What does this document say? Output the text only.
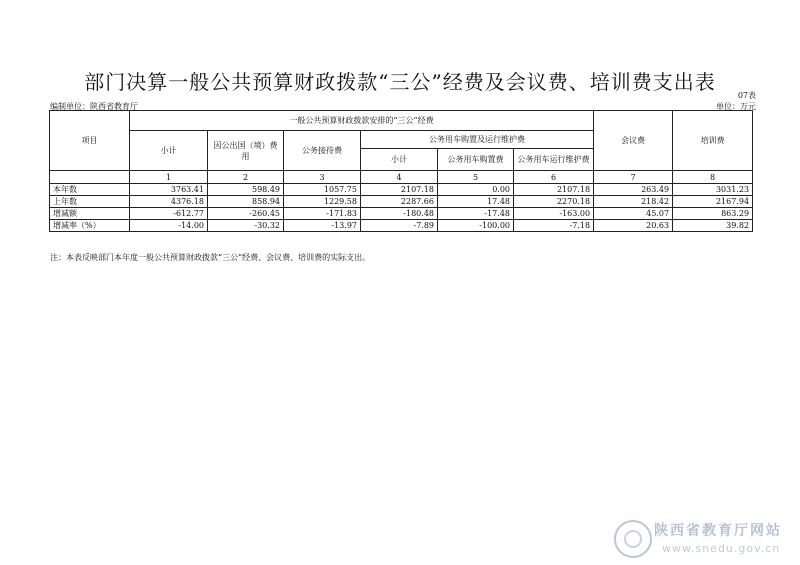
部门决算一般公共预算财政拨款“三公”经费及会议费、培训费支出表
07表
编制单位：陕西省教育厅	单位：万元
项目	一般公共预算财政拨款安排的“三公”经费						会议费	培训费
	小计	因公出国（境）费用	公务接待费	公务用车购置及运行维护费				
				小计	公务用车购置费	公务用车运行维护费		
	1	2	3	4	5	6	7	8
本年数	3763.41	598.49	1057.75	2107.18	0.00	2107.18	263.49	3031.23
上年数	4376.18	858.94	1229.58	2287.66	17.48	2270.18	218.42	2167.94
增减额	-612.77	-260.45	-171.83	-180.48	-17.48	-163.00	45.07	863.29
增减率（%）	-14.00	-30.32	-13.97	-7.89	-100.00	-7.18	20.63	39.82
注：本表反映部门本年度一般公共预算财政拨款“三公”经费、会议费、培训费的实际支出。
陕西省教育厅网站
www.snedu.gov.cn
